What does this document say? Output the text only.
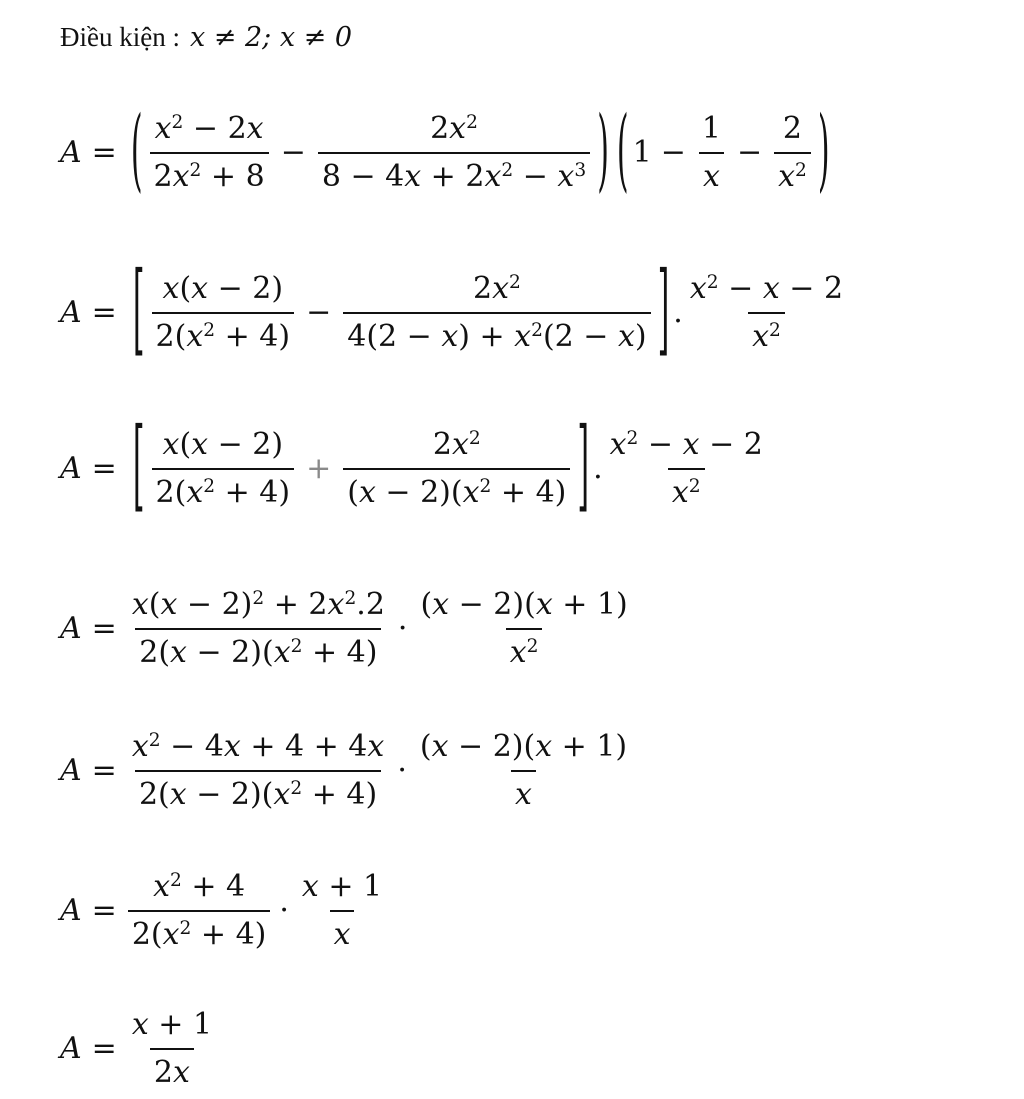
Điều kiện : x ≠ 2; x ≠ 0
A = ( $\frac{x^2 - 2x}{2x^2 + 8} - \frac{2x^2}{8 - 4x + 2x^2 - x^3}$ ) ( $1 - \frac{1}{x} - \frac{2}{x^2}$ )
A = [ $\frac{x(x - 2)}{2(x^2 + 4)} - \frac{2x^2}{4(2 - x) + x^2(2 - x)}$ ] . $\frac{x^2 - x - 2}{x^2}$
A = [ $\frac{x(x - 2)}{2(x^2 + 4)} + \frac{2x^2}{(x - 2)(x^2 + 4)}$ ] . $\frac{x^2 - x - 2}{x^2}$
$A = \frac{x(x - 2)^2 + 2x^2.2}{2(x - 2)(x^2 + 4)} \cdot \frac{(x - 2)(x + 1)}{x^2}$
$A = \frac{x^2 - 4x + 4 + 4x}{2(x - 2)(x^2 + 4)} \cdot \frac{(x - 2)(x + 1)}{x}$
$A = \frac{x^2 + 4}{2(x^2 + 4)} \cdot \frac{x + 1}{x}$
$A = \frac{x + 1}{2x}$
